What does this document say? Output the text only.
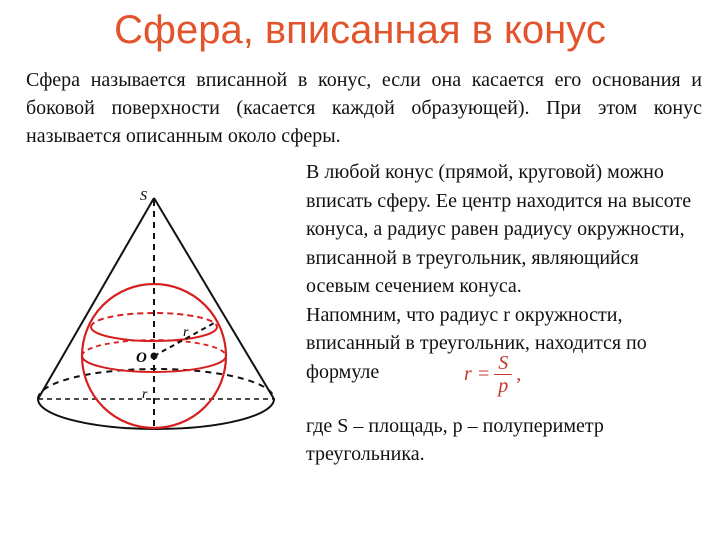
Сфера, вписанная в конус

Сфера называется вписанной в конус, если она касается его основания и боковой поверхности (касается каждой образующей). При этом конус называется описанным около сферы.

S
O
r
r

В любой конус (прямой, круговой) можно вписать сферу. Ее центр находится на высоте конуса, а радиус равен радиусу окружности, вписанной в треугольник, являющийся осевым сечением конуса.

Напомним, что радиус r окружности, вписанный в треугольник, находится по

формуле	$r = \frac{S}{p}$ ,

где S – площадь, p – полупериметр треугольника.
